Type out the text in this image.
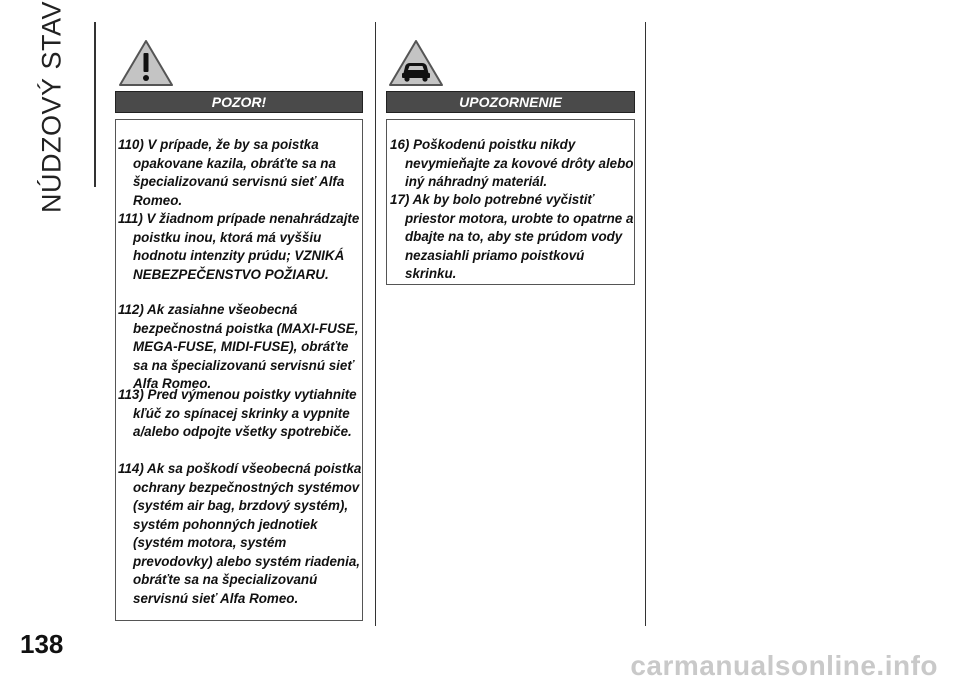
NÚDZOVÝ STAV
138
POZOR!
110) V prípade, že by sa poistka opakovane kazila, obráťte sa na špecializovanú servisnú sieť Alfa Romeo.
111) V žiadnom prípade nenahrádzajte poistku inou, ktorá má vyššiu hodnotu intenzity prúdu; VZNIKÁ NEBEZPEČENSTVO POŽIARU.
112) Ak zasiahne všeobecná bezpečnostná poistka (MAXI-FUSE, MEGA-FUSE, MIDI-FUSE), obráťte sa na špecializovanú servisnú sieť Alfa Romeo.
113) Pred výmenou poistky vytiahnite kľúč zo spínacej skrinky a vypnite a/alebo odpojte všetky spotrebiče.
114) Ak sa poškodí všeobecná poistka ochrany bezpečnostných systémov (systém air bag, brzdový systém), systém pohonných jednotiek (systém motora, systém prevodovky) alebo systém riadenia, obráťte sa na špecializovanú servisnú sieť Alfa Romeo.
UPOZORNENIE
16) Poškodenú poistku nikdy nevymieňajte za kovové drôty alebo iný náhradný materiál.
17) Ak by bolo potrebné vyčistiť priestor motora, urobte to opatrne a dbajte na to, aby ste prúdom vody nezasiahli priamo poistkovú skrinku.
carmanualsonline.info
